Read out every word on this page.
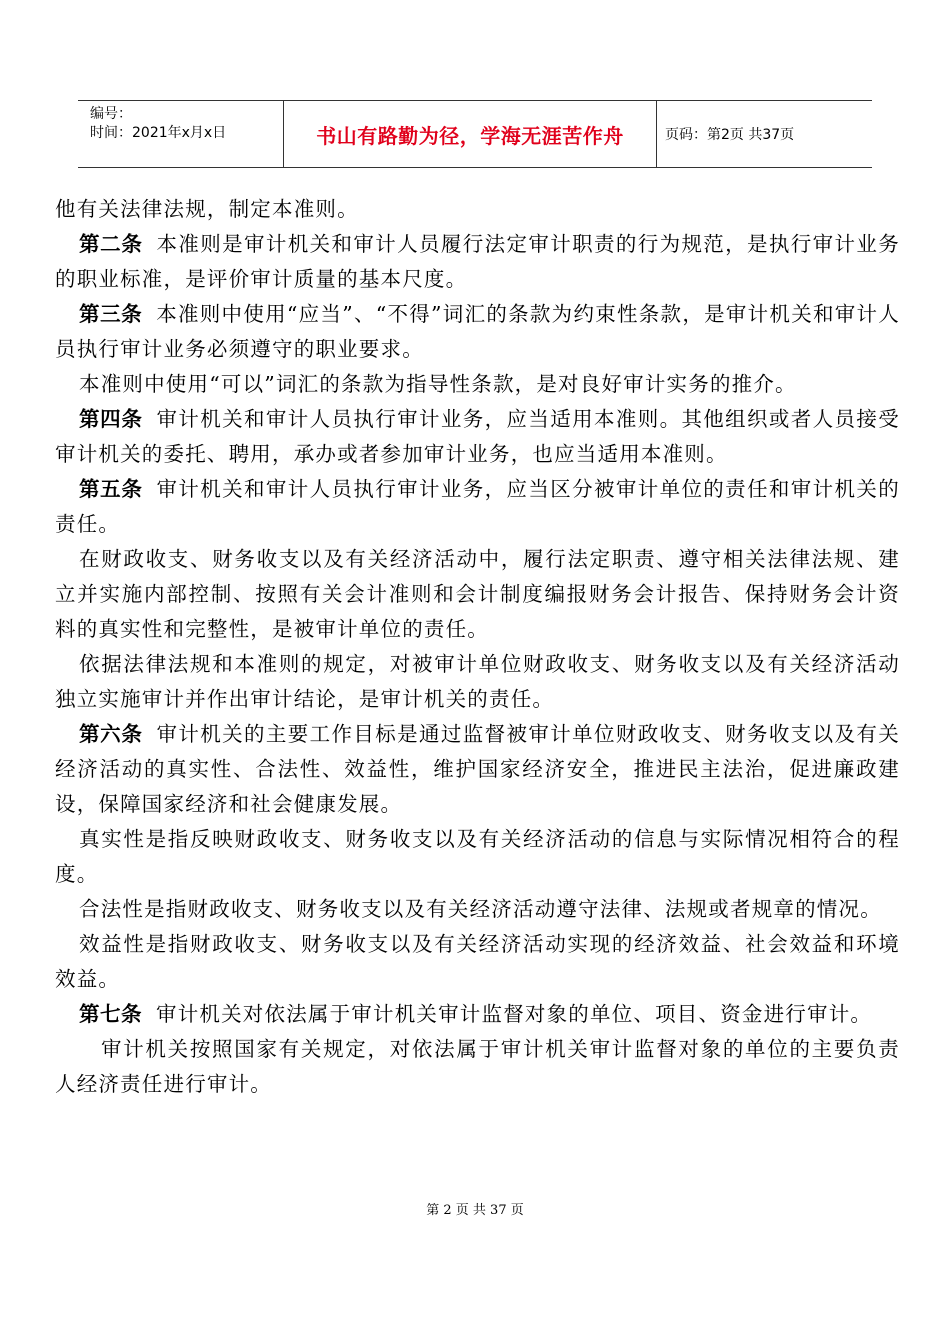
编号：
时间：2021年x月x日	书山有路勤为径，学海无涯苦作舟	页码：第2页 共37页

他有关法律法规，制定本准则。

第二条 本准则是审计机关和审计人员履行法定审计职责的行为规范，是执行审计业务的职业标准，是评价审计质量的基本尺度。

第三条 本准则中使用“应当”、“不得”词汇的条款为约束性条款，是审计机关和审计人员执行审计业务必须遵守的职业要求。

本准则中使用“可以”词汇的条款为指导性条款，是对良好审计实务的推介。

第四条 审计机关和审计人员执行审计业务，应当适用本准则。其他组织或者人员接受审计机关的委托、聘用，承办或者参加审计业务，也应当适用本准则。

第五条 审计机关和审计人员执行审计业务，应当区分被审计单位的责任和审计机关的责任。

在财政收支、财务收支以及有关经济活动中，履行法定职责、遵守相关法律法规、建立并实施内部控制、按照有关会计准则和会计制度编报财务会计报告、保持财务会计资料的真实性和完整性，是被审计单位的责任。

依据法律法规和本准则的规定，对被审计单位财政收支、财务收支以及有关经济活动独立实施审计并作出审计结论，是审计机关的责任。

第六条 审计机关的主要工作目标是通过监督被审计单位财政收支、财务收支以及有关经济活动的真实性、合法性、效益性，维护国家经济安全，推进民主法治，促进廉政建设，保障国家经济和社会健康发展。

真实性是指反映财政收支、财务收支以及有关经济活动的信息与实际情况相符合的程度。

合法性是指财政收支、财务收支以及有关经济活动遵守法律、法规或者规章的情况。

效益性是指财政收支、财务收支以及有关经济活动实现的经济效益、社会效益和环境效益。

第七条 审计机关对依法属于审计机关审计监督对象的单位、项目、资金进行审计。

审计机关按照国家有关规定，对依法属于审计机关审计监督对象的单位的主要负责人经济责任进行审计。

第 2 页 共 37 页
